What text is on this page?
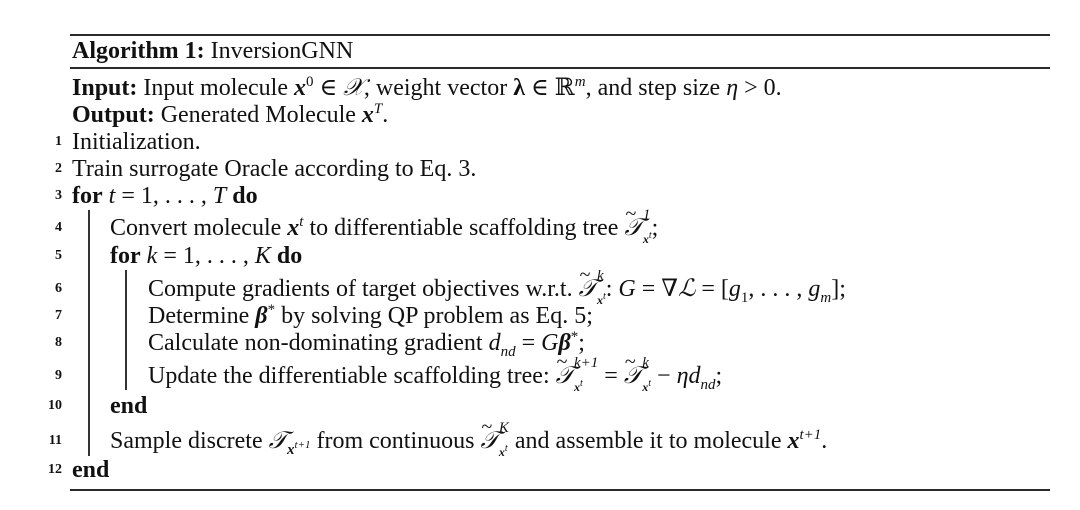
Algorithm 1: InversionGNN
Input: Input molecule $x^0$ ∈ 𝒳, weight vector λ ∈ ℝ$^m$, and step size η > 0.
Output: Generated Molecule $x^T$.
1 Initialization.
2 Train surrogate Oracle according to Eq. 3.
3 for t = 1, . . . , T do
4 Convert molecule $x^t$ to differentiable scaffolding tree ~ 𝒯
1
$x^t$ ;
5 for k = 1, . . . , K do
6	Compute gradients of target objectives w.r.t. ~ 𝒯
k
$x^t$ : G = ∇ℒ = [$g_1$, . . . , $g_m$];
7	Determine β* by solving QP problem as Eq. 5;
8	Calculate non-dominating gradient $d_{nd} = G\beta^*$;
9	Update the differentiable scaffolding tree: ~ 𝒯
k+1
$x^t$ = ~ 𝒯
k
$x^t - \eta d_{nd}$;
10 end
11 Sample discrete 𝒯$_{x^{t+1}}$ from continuous ~ 𝒯
K
$x^t$ and assemble it to molecule $x^{t+1}$.
12 end
